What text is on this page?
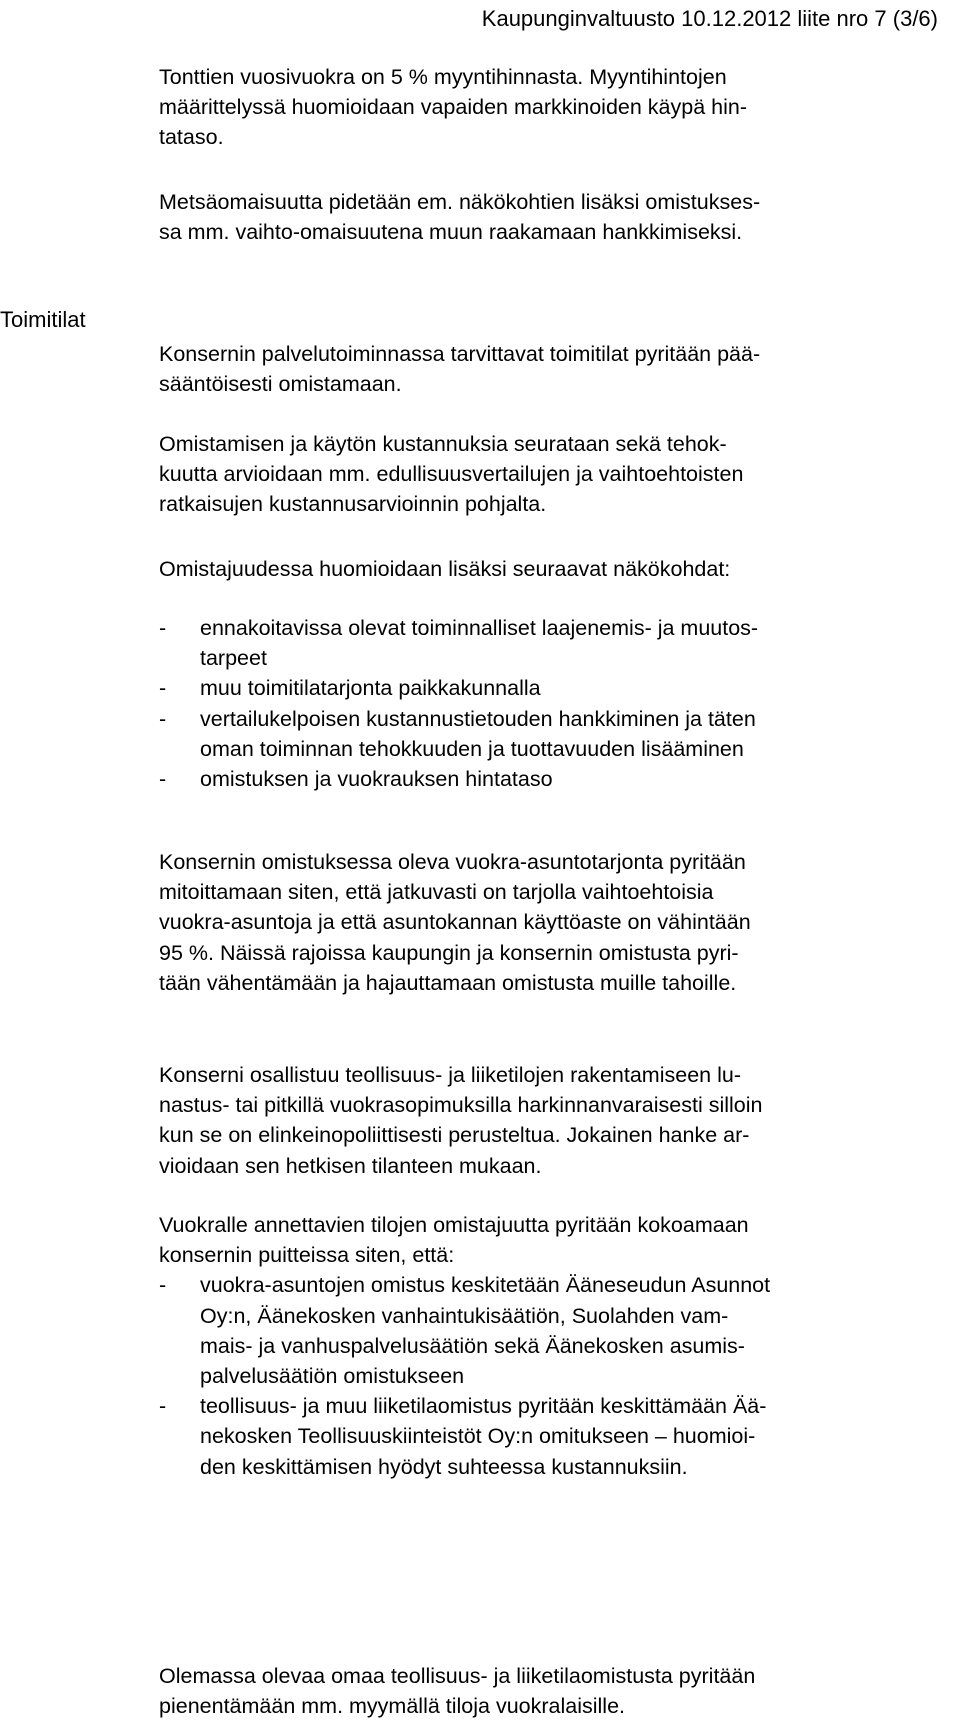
Kaupunginvaltuusto 10.12.2012 liite nro 7 (3/6)
Toimitilat

Tonttien vuosivuokra on 5 % myyntihinnasta. Myyntihintojen

määrittelyssä huomioidaan vapaiden markkinoiden käypä hin-

tataso.

Metsäomaisuutta pidetään em. näkökohtien lisäksi omistukses-

sa mm. vaihto-omaisuutena muun raakamaan hankkimiseksi.

Konsernin palvelutoiminnassa tarvittavat toimitilat pyritään pää-

sääntöisesti omistamaan.

Omistamisen ja käytön kustannuksia seurataan sekä tehok-

kuutta arvioidaan mm. edullisuusvertailujen ja vaihtoehtoisten

ratkaisujen kustannusarvioinnin pohjalta.

Omistajuudessa huomioidaan lisäksi seuraavat näkökohdat:

- ennakoitavissa olevat toiminnalliset laajenemis- ja muutos-

tarpeet

- muu toimitilatarjonta paikkakunnalla

- vertailukelpoisen kustannustietouden hankkiminen ja täten

oman toiminnan tehokkuuden ja tuottavuuden lisääminen

- omistuksen ja vuokrauksen hintataso

Konsernin omistuksessa oleva vuokra-asuntotarjonta pyritään

mitoittamaan siten, että jatkuvasti on tarjolla vaihtoehtoisia

vuokra-asuntoja ja että asuntokannan käyttöaste on vähintään

95 %. Näissä rajoissa kaupungin ja konsernin omistusta pyri-

tään vähentämään ja hajauttamaan omistusta muille tahoille.

Konserni osallistuu teollisuus- ja liiketilojen rakentamiseen lu-

nastus- tai pitkillä vuokrasopimuksilla harkinnanvaraisesti silloin

kun se on elinkeinopoliittisesti perusteltua. Jokainen hanke ar-

vioidaan sen hetkisen tilanteen mukaan.

Vuokralle annettavien tilojen omistajuutta pyritään kokoamaan

konsernin puitteissa siten, että:

- vuokra-asuntojen omistus keskitetään Ääneseudun Asunnot

Oy:n, Äänekosken vanhaintukisäätiön, Suolahden vam-

mais- ja vanhuspalvelusäätiön sekä Äänekosken asumis-

palvelusäätiön omistukseen

- teollisuus- ja muu liiketilaomistus pyritään keskittämään Ää-

nekosken Teollisuuskiinteistöt Oy:n omitukseen – huomioi-

den keskittämisen hyödyt suhteessa kustannuksiin.

Olemassa olevaa omaa teollisuus- ja liiketilaomistusta pyritään

pienentämään mm. myymällä tiloja vuokralaisille.
